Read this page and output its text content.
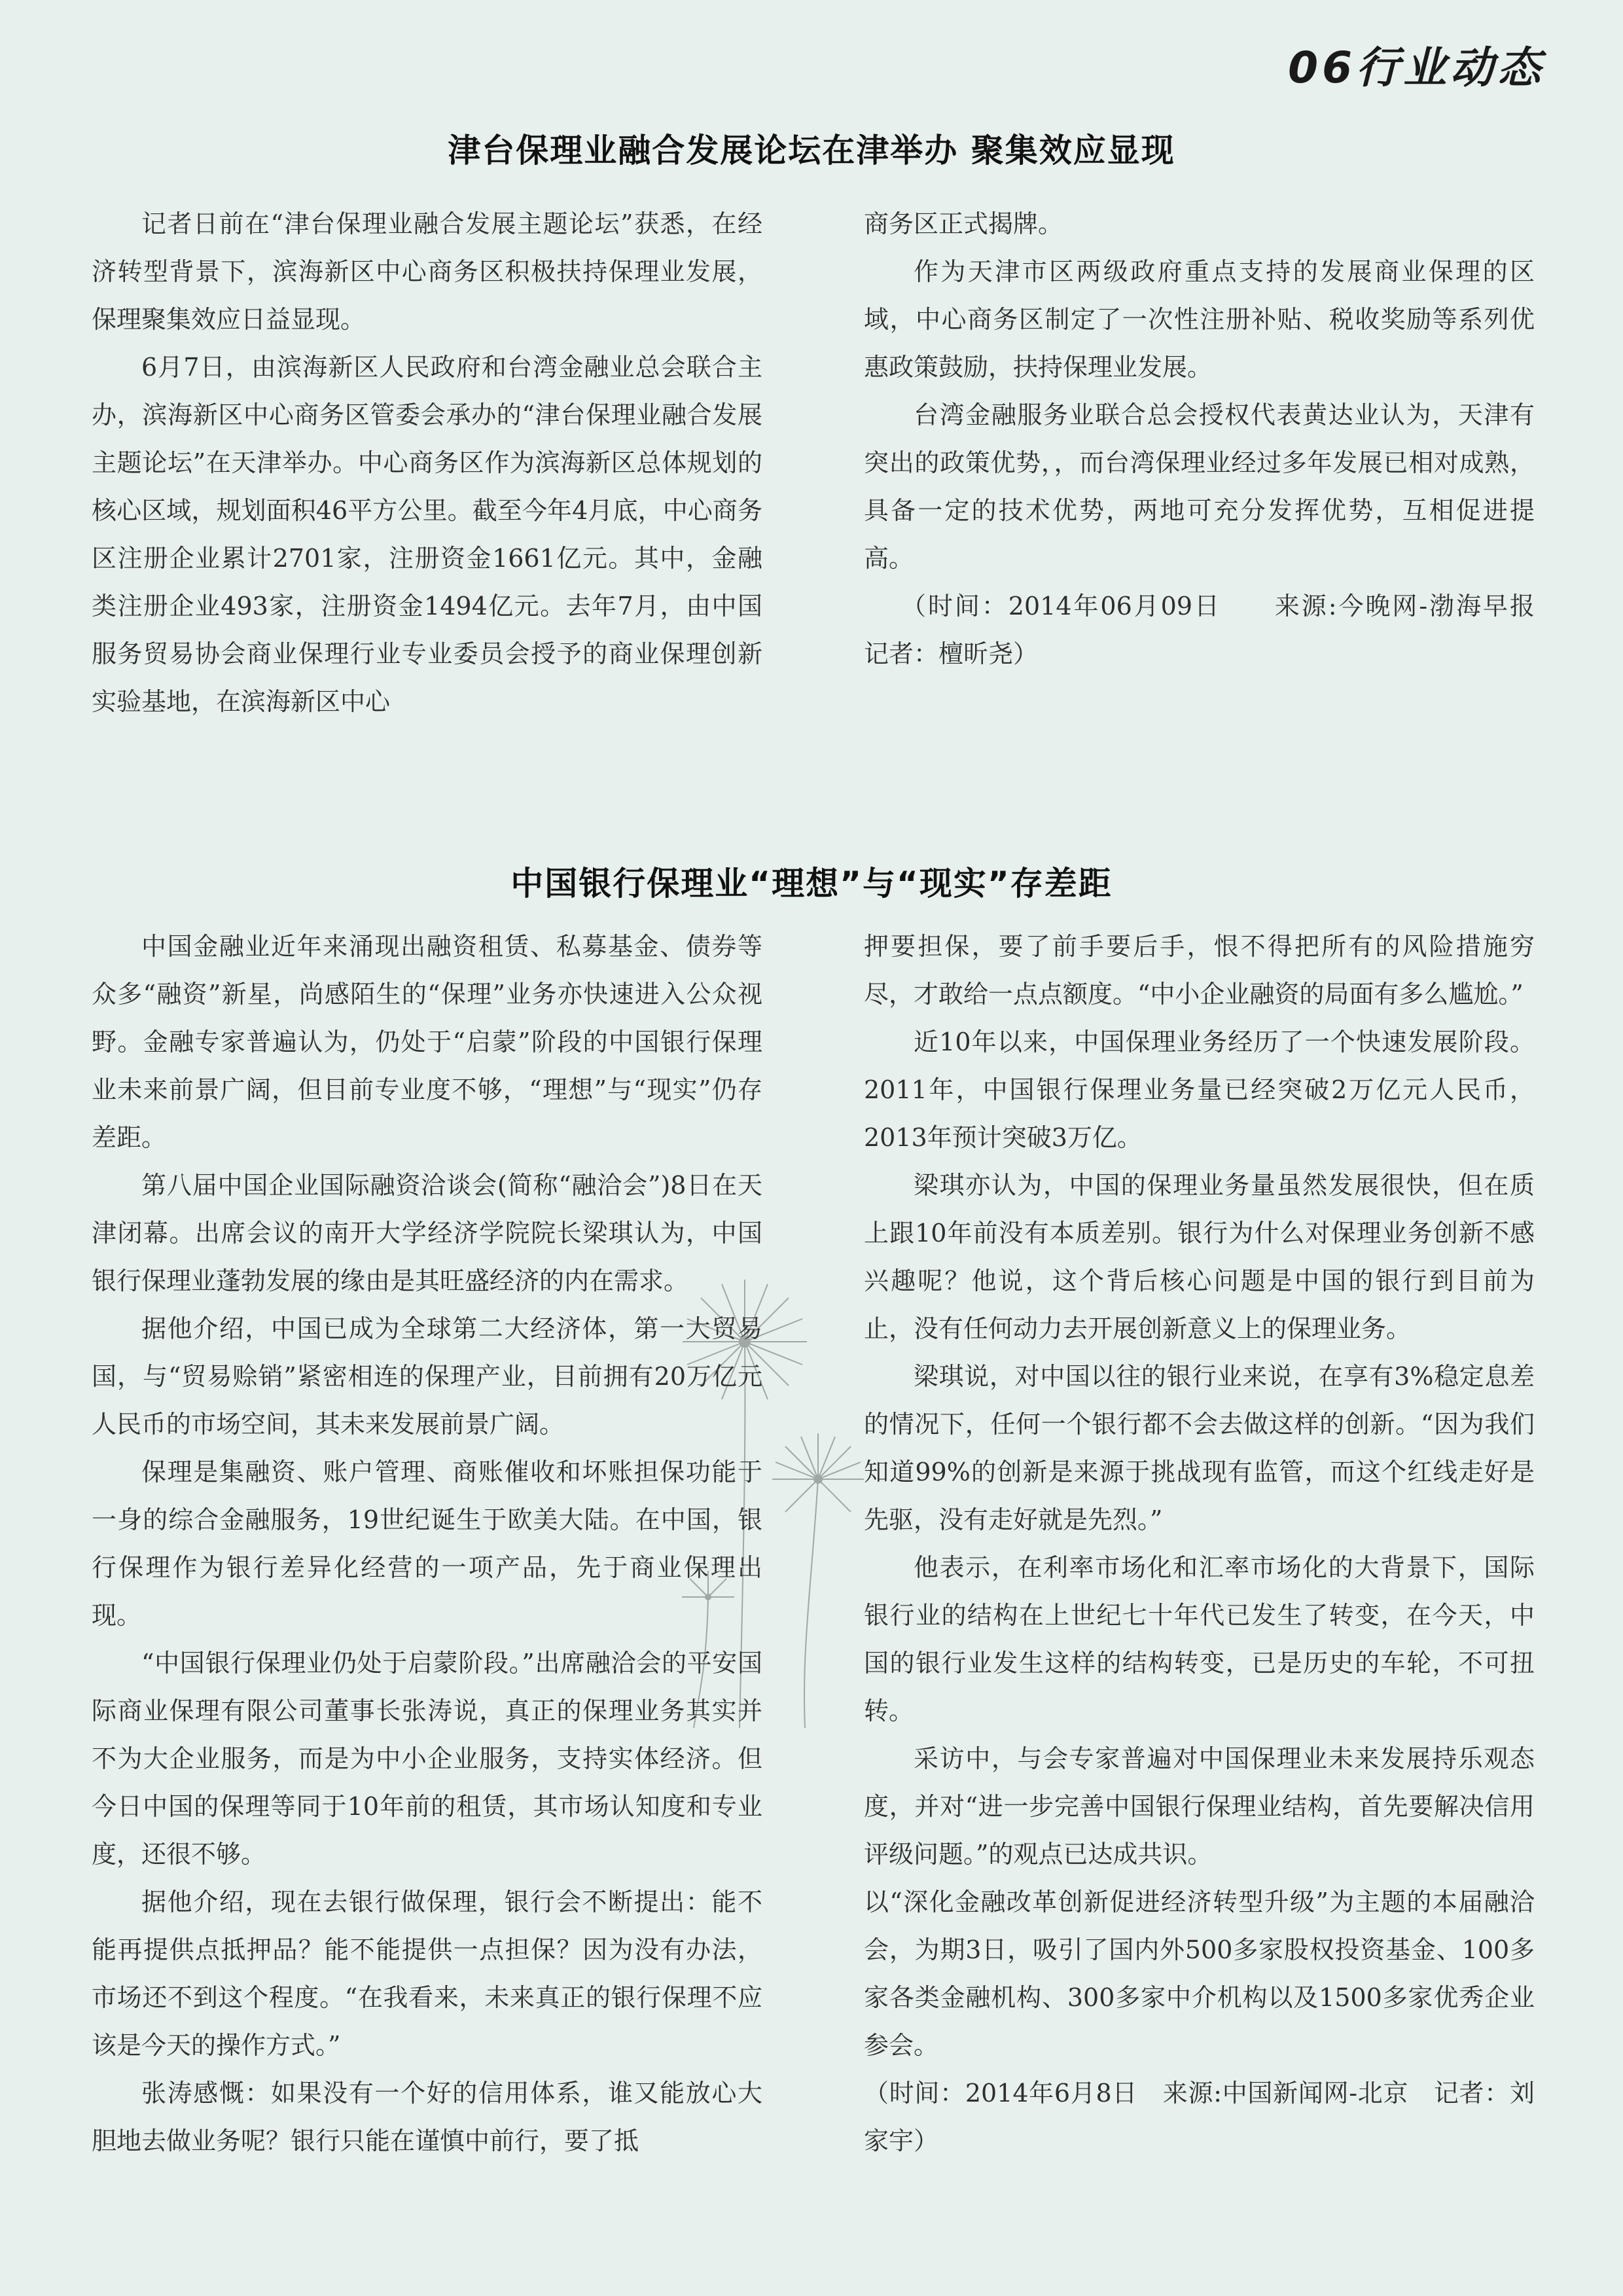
06行业动态
津台保理业融合发展论坛在津举办 聚集效应显现

记者日前在“津台保理业融合发展主题论坛”获悉，在经济转型背景下，滨海新区中心商务区积极扶持保理业发展，保理聚集效应日益显现。

6月7日，由滨海新区人民政府和台湾金融业总会联合主办，滨海新区中心商务区管委会承办的“津台保理业融合发展主题论坛”在天津举办。中心商务区作为滨海新区总体规划的核心区域，规划面积46平方公里。截至今年4月底，中心商务区注册企业累计2701家，注册资金1661亿元。其中，金融类注册企业493家，注册资金1494亿元。去年7月，由中国服务贸易协会商业保理行业专业委员会授予的商业保理创新实验基地，在滨海新区中心

商务区正式揭牌。

作为天津市区两级政府重点支持的发展商业保理的区域，中心商务区制定了一次性注册补贴、税收奖励等系列优惠政策鼓励，扶持保理业发展。

台湾金融服务业联合总会授权代表黄达业认为，天津有突出的政策优势，，而台湾保理业经过多年发展已相对成熟，具备一定的技术优势，两地可充分发挥优势，互相促进提高。

（时间：2014年06月09日　　来源:今晚网-渤海早报　记者：檀昕尧）

中国银行保理业“理想”与“现实”存差距

中国金融业近年来涌现出融资租赁、私募基金、债券等众多“融资”新星，尚感陌生的“保理”业务亦快速进入公众视野。金融专家普遍认为，仍处于“启蒙”阶段的中国银行保理业未来前景广阔，但目前专业度不够，“理想”与“现实”仍存差距。

第八届中国企业国际融资洽谈会(简称“融洽会”)8日在天津闭幕。出席会议的南开大学经济学院院长梁琪认为，中国银行保理业蓬勃发展的缘由是其旺盛经济的内在需求。

据他介绍，中国已成为全球第二大经济体，第一大贸易国，与“贸易赊销”紧密相连的保理产业，目前拥有20万亿元人民币的市场空间，其未来发展前景广阔。

保理是集融资、账户管理、商账催收和坏账担保功能于一身的综合金融服务，19世纪诞生于欧美大陆。在中国，银行保理作为银行差异化经营的一项产品，先于商业保理出现。

“中国银行保理业仍处于启蒙阶段。”出席融洽会的平安国际商业保理有限公司董事长张涛说，真正的保理业务其实并不为大企业服务，而是为中小企业服务，支持实体经济。但今日中国的保理等同于10年前的租赁，其市场认知度和专业度，还很不够。

据他介绍，现在去银行做保理，银行会不断提出：能不能再提供点抵押品？能不能提供一点担保？因为没有办法，市场还不到这个程度。“在我看来，未来真正的银行保理不应该是今天的操作方式。”

张涛感慨：如果没有一个好的信用体系，谁又能放心大胆地去做业务呢？银行只能在谨慎中前行，要了抵

押要担保，要了前手要后手，恨不得把所有的风险措施穷尽，才敢给一点点额度。“中小企业融资的局面有多么尴尬。”

近10年以来，中国保理业务经历了一个快速发展阶段。2011年，中国银行保理业务量已经突破2万亿元人民币，2013年预计突破3万亿。

梁琪亦认为，中国的保理业务量虽然发展很快，但在质上跟10年前没有本质差别。银行为什么对保理业务创新不感兴趣呢？他说，这个背后核心问题是中国的银行到目前为止，没有任何动力去开展创新意义上的保理业务。

梁琪说，对中国以往的银行业来说，在享有3%稳定息差的情况下，任何一个银行都不会去做这样的创新。“因为我们知道99%的创新是来源于挑战现有监管，而这个红线走好是先驱，没有走好就是先烈。”

他表示，在利率市场化和汇率市场化的大背景下，国际银行业的结构在上世纪七十年代已发生了转变，在今天，中国的银行业发生这样的结构转变，已是历史的车轮，不可扭转。

采访中，与会专家普遍对中国保理业未来发展持乐观态度，并对“进一步完善中国银行保理业结构，首先要解决信用评级问题。”的观点已达成共识。

以“深化金融改革创新促进经济转型升级”为主题的本届融洽会，为期3日，吸引了国内外500多家股权投资基金、100多家各类金融机构、300多家中介机构以及1500多家优秀企业参会。

（时间：2014年6月8日　来源:中国新闻网-北京　记者：刘家宇）
